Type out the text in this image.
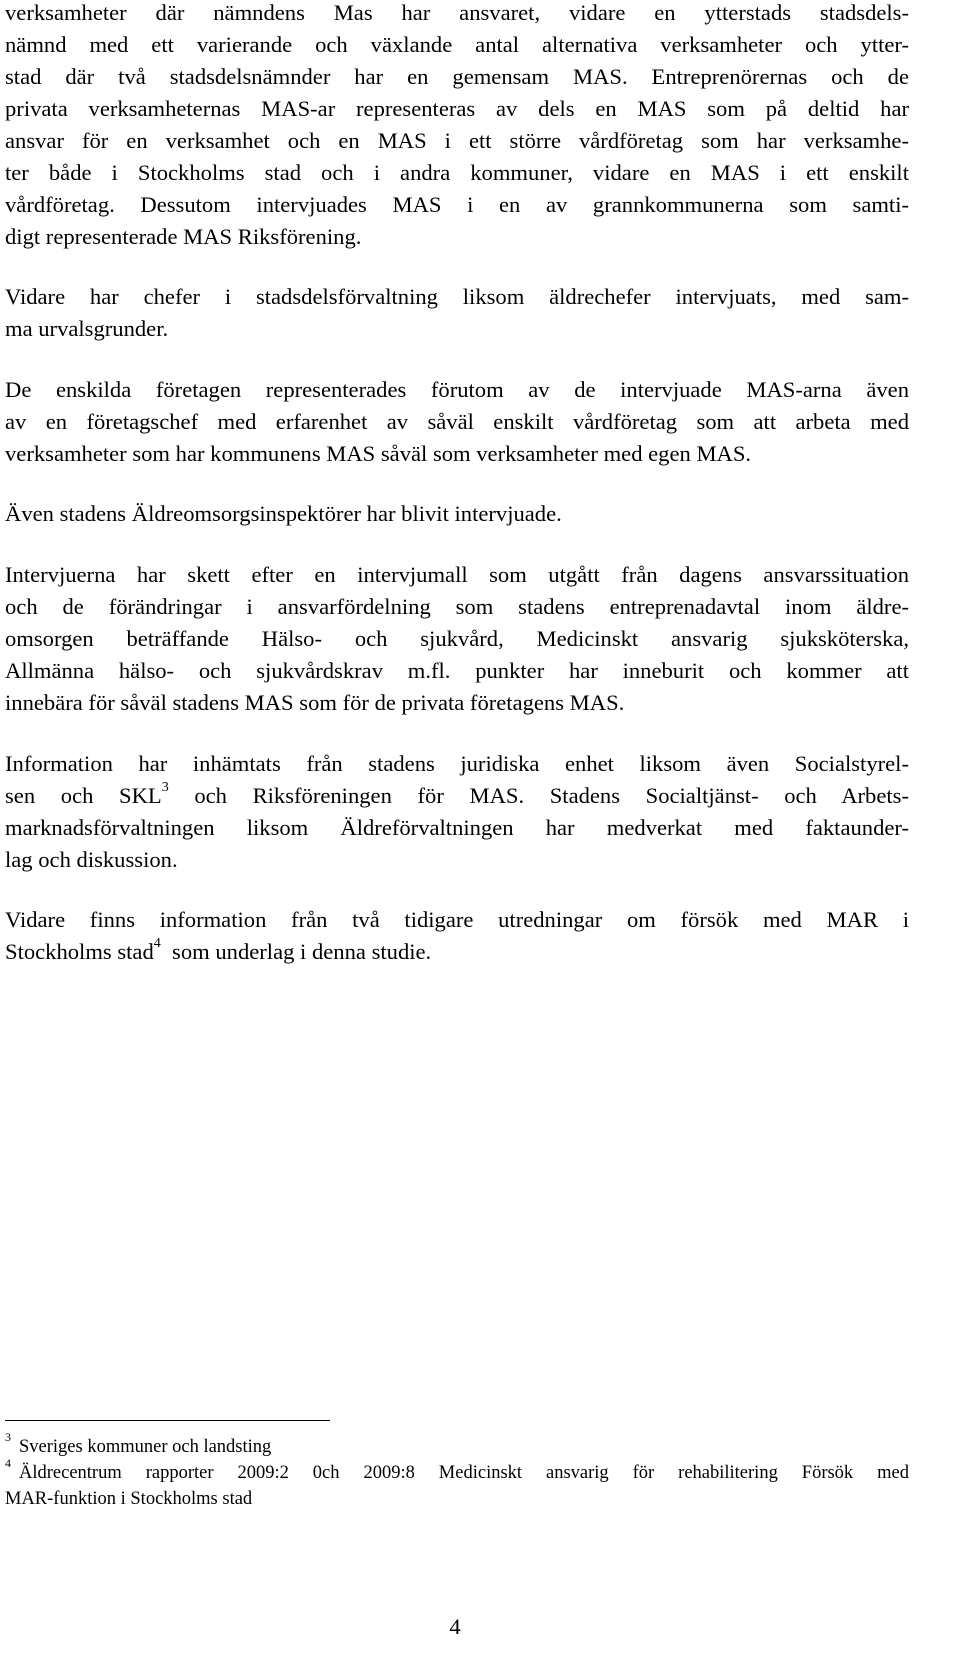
verksamheter där nämndens Mas har ansvaret, vidare en ytterstads stadsdels-
nämnd med ett varierande och växlande antal alternativa verksamheter och ytter-
stad där två stadsdelsnämnder har en gemensam MAS. Entreprenörernas och de
privata verksamheternas MAS-ar representeras av dels en MAS som på deltid har
ansvar för en verksamhet och en MAS i ett större vårdföretag som har verksamhe-
ter både i Stockholms stad och i andra kommuner, vidare en MAS i ett enskilt
vårdföretag. Dessutom intervjuades MAS i en av grannkommunerna som samti-
digt representerade MAS Riksförening.
Vidare har chefer i stadsdelsförvaltning liksom äldrechefer intervjuats, med sam-
ma urvalsgrunder.
De enskilda företagen representerades förutom av de intervjuade MAS-arna även
av en företagschef med erfarenhet av såväl enskilt vårdföretag som att arbeta med
verksamheter som har kommunens MAS såväl som verksamheter med egen MAS.
Även stadens Äldreomsorgsinspektörer har blivit intervjuade.
Intervjuerna har skett efter en intervjumall som utgått från dagens ansvarssituation
och de förändringar i ansvarfördelning som stadens entreprenadavtal inom äldre-
omsorgen beträffande Hälso- och sjukvård, Medicinskt ansvarig sjuksköterska,
Allmänna hälso- och sjukvårdskrav m.fl. punkter har inneburit och kommer att
innebära för såväl stadens MAS som för de privata företagens MAS.
Information har inhämtats från stadens juridiska enhet liksom även Socialstyrel-
sen och SKL$^3$ och Riksföreningen för MAS. Stadens Socialtjänst- och Arbets-
marknadsförvaltningen liksom Äldreförvaltningen har medverkat med faktaunder-
lag och diskussion.
Vidare finns information från två tidigare utredningar om försök med MAR i
Stockholms stad$^4$  som underlag i denna studie.
$^3$Sveriges kommuner och landsting
$^4$Äldrecentrum rapporter 2009:2 0ch 2009:8 Medicinskt ansvarig för rehabilitering Försök med
MAR-funktion i Stockholms stad
4
